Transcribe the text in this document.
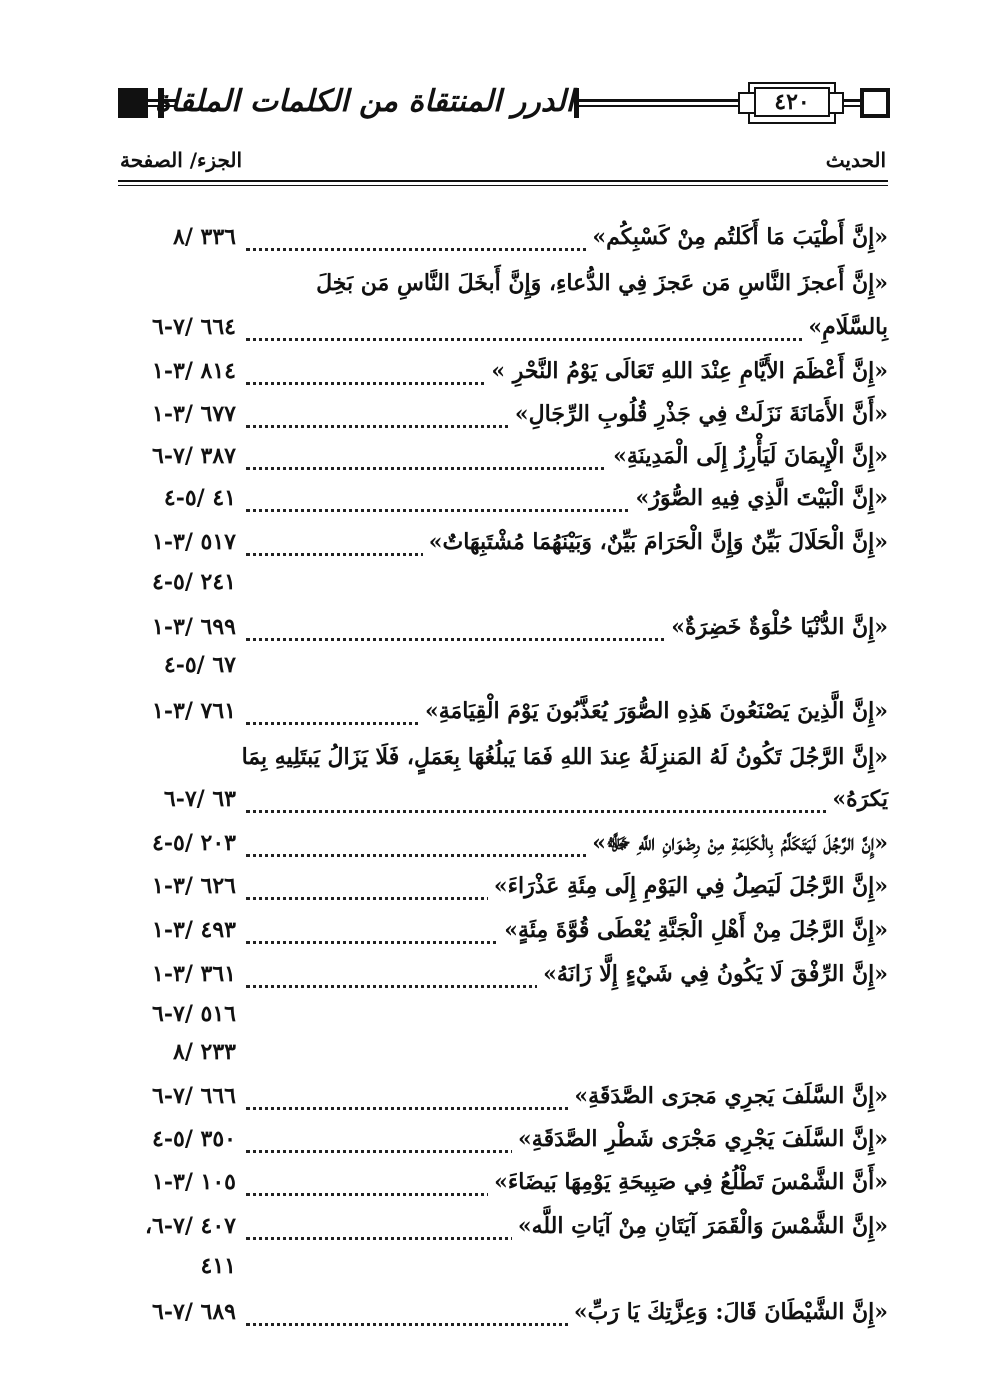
الدرر المنتقاة من الكلمات الملقاة	٤٢٠
الجزء/ الصفحة	الحديث
٣٣٦ /٨	«إِنَّ أَطْيَبَ مَا أَكَلتُم مِنْ كَسْبِكُم»
«إِنَّ أَعجزَ النَّاسِ مَن عَجزَ فِي الدُّعاءِ، وَإِنَّ أَبخَلَ النَّاسِ مَن بَخِلَ
٦٦٤ /٧-٦	بِالسَّلَامِ»
٨١٤ /٣-١	«إِنَّ أَعْظَمَ الأَيَّامِ عِنْدَ اللهِ تَعَالَى يَوْمُ النَّحْرِ »
٦٧٧ /٣-١	«أَنَّ الأَمَانَةَ نَزَلَتْ فِي جَذْرِ قُلُوبِ الرِّجَالِ»
٣٨٧ /٧-٦	«إِنَّ الْإِيمَانَ لَيَأْرِزُ إِلَى الْمَدِينَةِ»
٤١ /٥-٤	«إِنَّ الْبَيْتَ الَّذِي فِيهِ الصُّوَرُ»
٥١٧ /٣-١	«إِنَّ الْحَلَالَ بَيِّنٌ وَإِنَّ الْحَرَامَ بَيِّنٌ، وَبَيْنَهُمَا مُشْتَبِهَاتٌ»
٢٤١ /٥-٤
٦٩٩ /٣-١	«إِنَّ الدُّنْيَا حُلْوَةٌ خَضِرَةٌ»
٦٧ /٥-٤
٧٦١ /٣-١	«إِنَّ الَّذِينَ يَصْنَعُونَ هَذِهِ الصُّوَرَ يُعَذَّبُونَ يَوْمَ الْقِيَامَةِ»
«إِنَّ الرَّجُلَ تَكُونُ لَهُ المَنزِلَةُ عِندَ اللهِ فَمَا يَبلُغُهَا بِعَمَلٍ، فَلَا يَزَالُ يَبتَلِيهِ بِمَا
٦٣ /٧-٦	يَكرَهُ»
٢٠٣ /٥-٤	«إِنَّ الرَّجُلَ لَيَتَكَلَّمُ بِالْكَلِمَةِ مِنْ رِضْوَانِ اللَّهِ ﷻ»
٦٢٦ /٣-١	«إِنَّ الرَّجُلَ لَيَصِلُ فِي اليَوْمِ إِلَى مِئَةِ عَذْرَاءَ»
٤٩٣ /٣-١	«إِنَّ الرَّجُلَ مِنْ أَهْلِ الْجَنَّةِ يُعْطَى قُوَّةَ مِئَةٍ»
٣٦١ /٣-١	«إِنَّ الرِّفْقَ لَا يَكُونُ فِي شَيْءٍ إِلَّا زَانَهُ»
٥١٦ /٧-٦
٢٣٣ /٨
٦٦٦ /٧-٦	«إِنَّ السَّلَفَ يَجرِي مَجرَى الصَّدَقَةِ»
٣٥٠ /٥-٤	«إِنَّ السَّلَفَ يَجْرِي مَجْرَى شَطْرِ الصَّدَقَةِ»
١٠٥ /٣-١	«أَنَّ الشَّمْسَ تَطْلُعُ فِي صَبِيحَةِ يَوْمِهَا بَيضَاءَ»
٤٠٧ /٧-٦،	«إِنَّ الشَّمْسَ وَالْقَمَرَ آيَتَانِ مِنْ آيَاتِ اللَّه»
٤١١
٦٨٩ /٧-٦	«إِنَّ الشَّيْطَانَ قَالَ: وَعِزَّتِكَ يَا رَبِّ»
